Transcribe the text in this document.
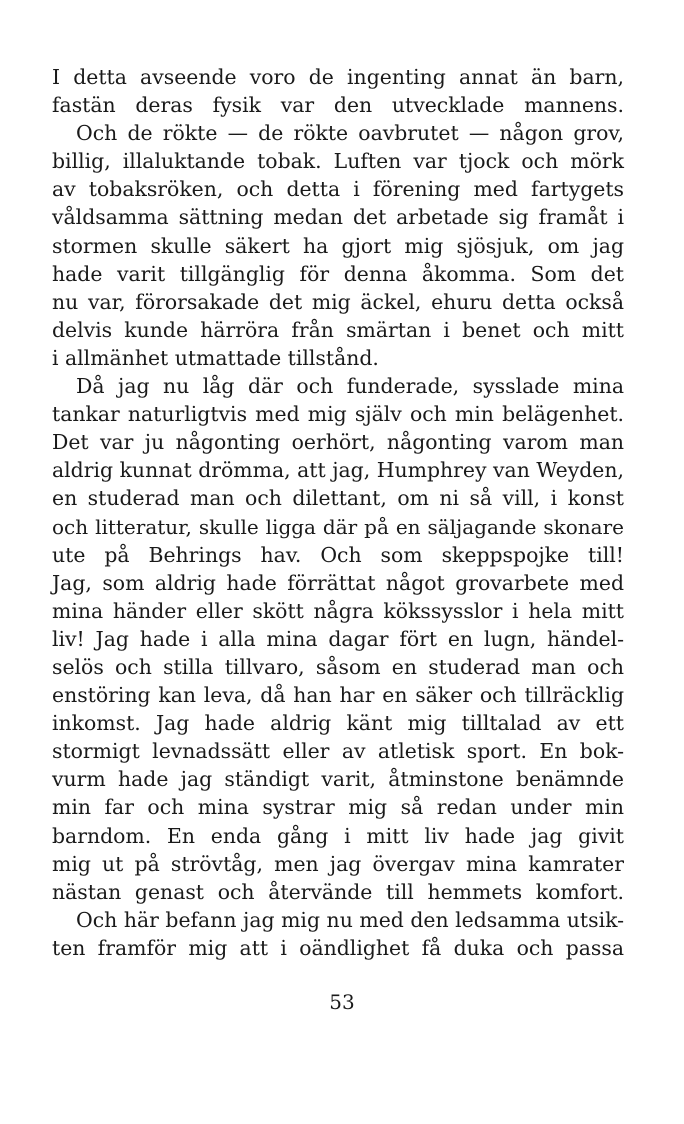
I detta avseende voro de ingenting annat än barn,
fastän deras fysik var den utvecklade mannens.
Och de rökte — de rökte oavbrutet — någon grov,
billig, illaluktande tobak. Luften var tjock och mörk
av tobaksröken, och detta i förening med fartygets
våldsamma sättning medan det arbetade sig framåt i
stormen skulle säkert ha gjort mig sjösjuk, om jag
hade varit tillgänglig för denna åkomma. Som det
nu var, förorsakade det mig äckel, ehuru detta också
delvis kunde härröra från smärtan i benet och mitt
i allmänhet utmattade tillstånd.
Då jag nu låg där och funderade, sysslade mina
tankar naturligtvis med mig själv och min belägenhet.
Det var ju någonting oerhört, någonting varom man
aldrig kunnat drömma, att jag, Humphrey van Weyden,
en studerad man och dilettant, om ni så vill, i konst
och litteratur, skulle ligga där på en säljagande skonare
ute på Behrings hav. Och som skeppspojke till!
Jag, som aldrig hade förrättat något grovarbete med
mina händer eller skött några kökssysslor i hela mitt
liv! Jag hade i alla mina dagar fört en lugn, händel-
selös och stilla tillvaro, såsom en studerad man och
enstöring kan leva, då han har en säker och tillräcklig
inkomst. Jag hade aldrig känt mig tilltalad av ett
stormigt levnadssätt eller av atletisk sport. En bok-
vurm hade jag ständigt varit, åtminstone benämnde
min far och mina systrar mig så redan under min
barndom. En enda gång i mitt liv hade jag givit
mig ut på strövtåg, men jag övergav mina kamrater
nästan genast och återvände till hemmets komfort.
Och här befann jag mig nu med den ledsamma utsik-
ten framför mig att i oändlighet få duka och passa
53
